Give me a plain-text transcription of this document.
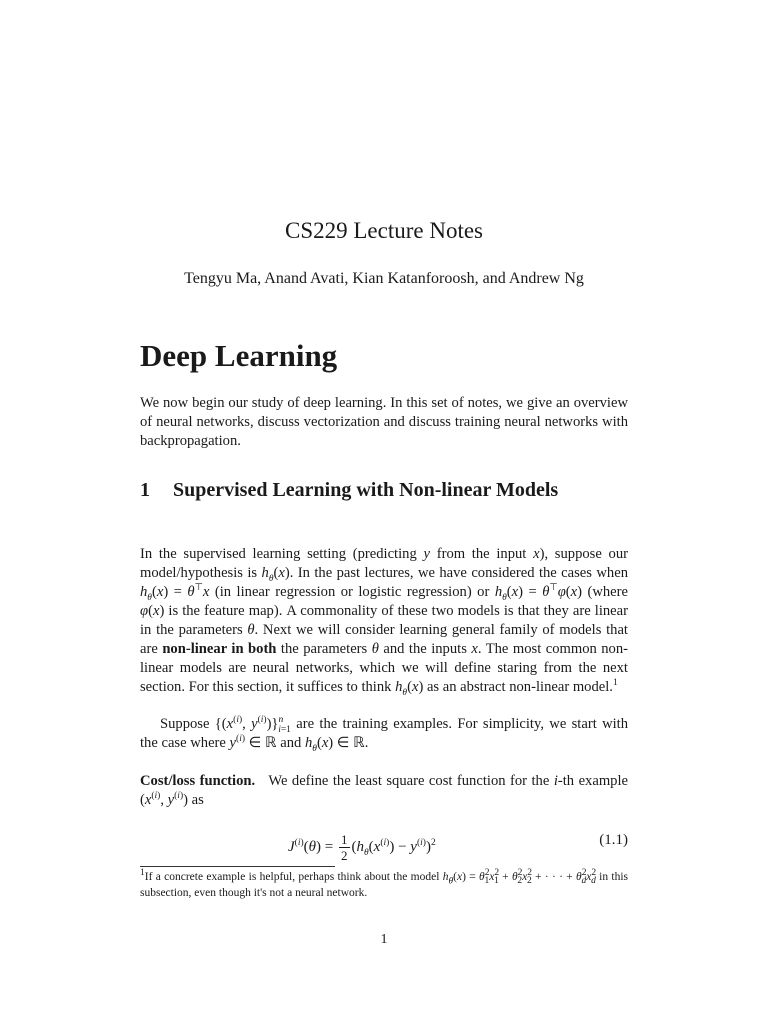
CS229 Lecture Notes
Tengyu Ma, Anand Avati, Kian Katanforoosh, and Andrew Ng
Deep Learning
We now begin our study of deep learning. In this set of notes, we give an overview of neural networks, discuss vectorization and discuss training neural networks with backpropagation.
1 Supervised Learning with Non-linear Models
In the supervised learning setting (predicting y from the input x), suppose our model/hypothesis is $h_\theta(x)$. In the past lectures, we have considered the cases when $h_\theta(x) = \theta^⊤x$ (in linear regression or logistic regression) or $h_\theta(x) = \theta^⊤\varphi(x)$ (where φ(x) is the feature map). A commonality of these two models is that they are linear in the parameters θ. Next we will consider learning general family of models that are non-linear in both the parameters θ and the inputs x. The most common non-linear models are neural networks, which we will define staring from the next section. For this section, it suffices to think $h_\theta(x)$ as an abstract non-linear model.$^1$
Suppose {($x^{(i)}$, $y^{(i)})\}^n_{i=1}$ are the training examples. For simplicity, we start with the case where $y^{(i)}$ ∈ ℝ and $h_\theta(x)$ ∈ ℝ.
Cost/loss function. We define the least square cost function for the i-th example ($x^{(i)}$, $y^{(i)}$) as
$J^{(i)}(\theta) = \frac{1}{2} (h_\theta(x^{(i)}) - y^{(i)})^2$	(1.1)
$^1$If a concrete example is helpful, perhaps think about the model $h_\theta(x) = \theta^2_1x^2_1 + \theta^2_2x^2_2$ + · · · + $\theta^2_dx^2_d$ in this subsection, even though it's not a neural network.
1
